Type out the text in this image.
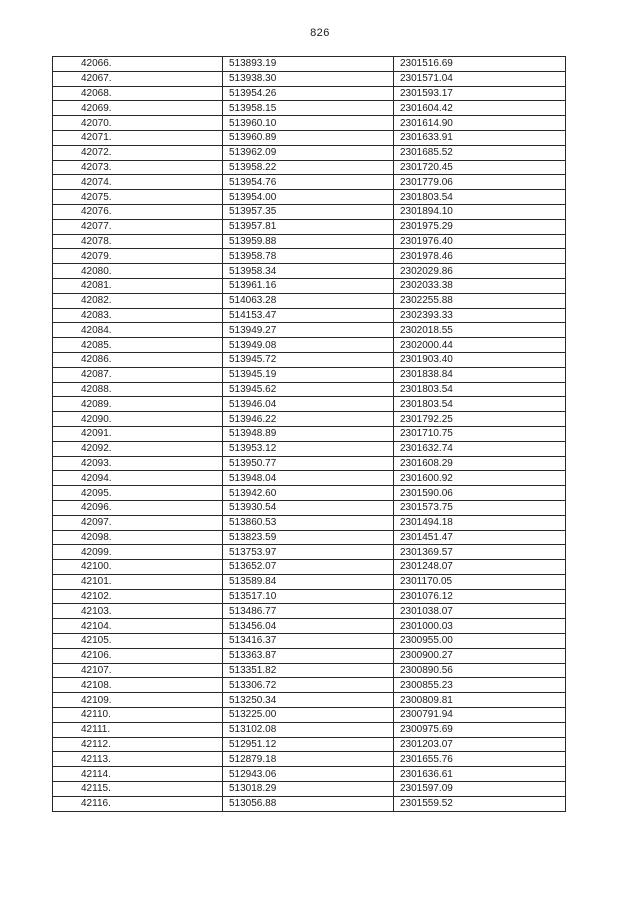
826
42066.	513893.19	2301516.69
42067.	513938.30	2301571.04
42068.	513954.26	2301593.17
42069.	513958.15	2301604.42
42070.	513960.10	2301614.90
42071.	513960.89	2301633.91
42072.	513962.09	2301685.52
42073.	513958.22	2301720.45
42074.	513954.76	2301779.06
42075.	513954.00	2301803.54
42076.	513957.35	2301894.10
42077.	513957.81	2301975.29
42078.	513959.88	2301976.40
42079.	513958.78	2301978.46
42080.	513958.34	2302029.86
42081.	513961.16	2302033.38
42082.	514063.28	2302255.88
42083.	514153.47	2302393.33
42084.	513949.27	2302018.55
42085.	513949.08	2302000.44
42086.	513945.72	2301903.40
42087.	513945.19	2301838.84
42088.	513945.62	2301803.54
42089.	513946.04	2301803.54
42090.	513946.22	2301792.25
42091.	513948.89	2301710.75
42092.	513953.12	2301632.74
42093.	513950.77	2301608.29
42094.	513948.04	2301600.92
42095.	513942.60	2301590.06
42096.	513930.54	2301573.75
42097.	513860.53	2301494.18
42098.	513823.59	2301451.47
42099.	513753.97	2301369.57
42100.	513652.07	2301248.07
42101.	513589.84	2301170.05
42102.	513517.10	2301076.12
42103.	513486.77	2301038.07
42104.	513456.04	2301000.03
42105.	513416.37	2300955.00
42106.	513363.87	2300900.27
42107.	513351.82	2300890.56
42108.	513306.72	2300855.23
42109.	513250.34	2300809.81
42110.	513225.00	2300791.94
42111.	513102.08	2300975.69
42112.	512951.12	2301203.07
42113.	512879.18	2301655.76
42114.	512943.06	2301636.61
42115.	513018.29	2301597.09
42116.	513056.88	2301559.52
